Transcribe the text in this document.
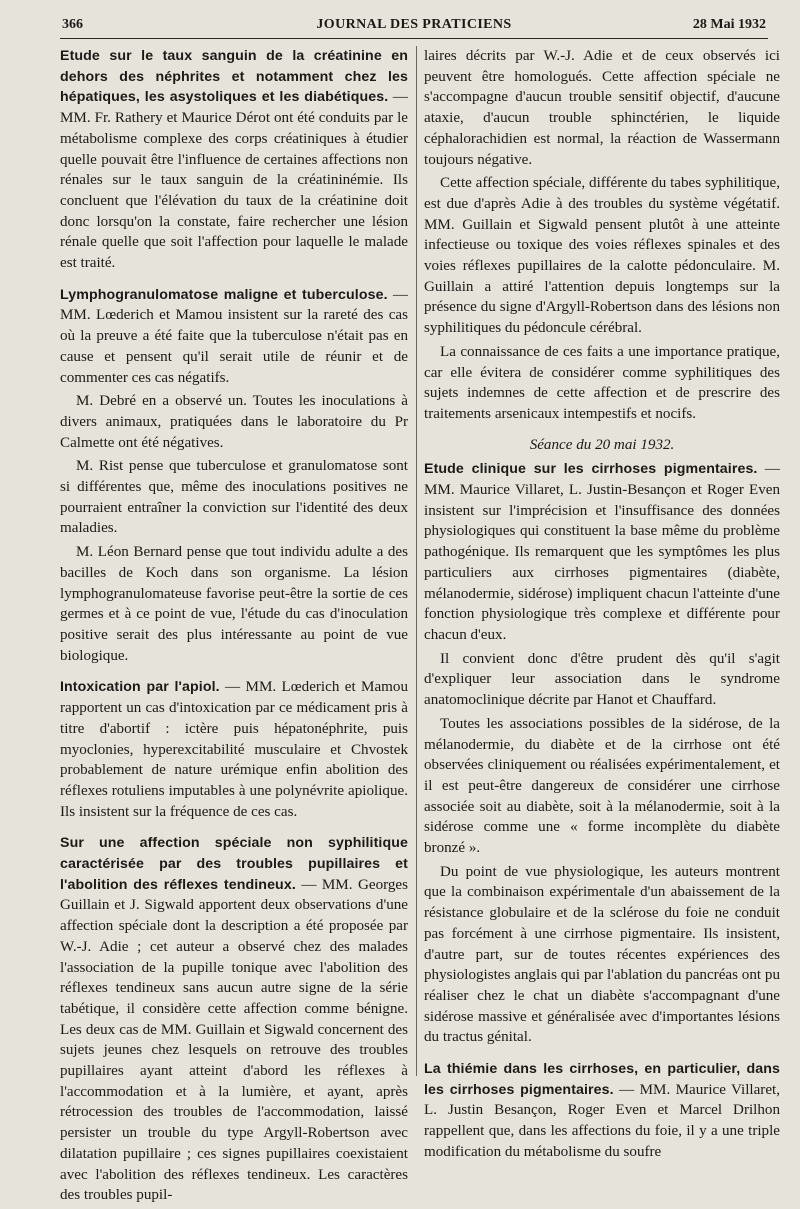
366	JOURNAL DES PRATICIENS	28 Mai 1932

Etude sur le taux sanguin de la créatinine en dehors des néphrites et notamment chez les hépatiques, les asystoliques et les diabétiques. — MM. Fr. Rathery et Maurice Dérot ont été conduits par le métabolisme complexe des corps créatiniques à étudier quelle pouvait être l'influence de certaines affections non rénales sur le taux sanguin de la créatininémie. Ils concluent que l'élévation du taux de la créatinine doit donc lorsqu'on la constate, faire rechercher une lésion rénale quelle que soit l'affection pour laquelle le malade est traité.

Lymphogranulomatose maligne et tuberculose. — MM. Lœderich et Mamou insistent sur la rareté des cas où la preuve a été faite que la tuberculose n'était pas en cause et pensent qu'il serait utile de réunir et de commenter ces cas négatifs.

M. Debré en a observé un. Toutes les inoculations à divers animaux, pratiquées dans le laboratoire du Pr Calmette ont été négatives.

M. Rist pense que tuberculose et granulomatose sont si différentes que, même des inoculations positives ne pourraient entraîner la conviction sur l'identité des deux maladies.

M. Léon Bernard pense que tout individu adulte a des bacilles de Koch dans son organisme. La lésion lymphogranulomateuse favorise peut-être la sortie de ces germes et à ce point de vue, l'étude du cas d'inoculation positive serait des plus intéressante au point de vue biologique.

Intoxication par l'apiol. — MM. Lœderich et Mamou rapportent un cas d'intoxication par ce médicament pris à titre d'abortif : ictère puis hépatonéphrite, puis myoclonies, hyperexcitabilité musculaire et Chvostek probablement de nature urémique enfin abolition des réflexes rotuliens imputables à une polynévrite apiolique. Ils insistent sur la fréquence de ces cas.

Sur une affection spéciale non syphilitique caractérisée par des troubles pupillaires et l'abolition des réflexes tendineux. — MM. Georges Guillain et J. Sigwald apportent deux observations d'une affection spéciale dont la description a été proposée par W.-J. Adie ; cet auteur a observé chez des malades l'association de la pupille tonique avec l'abolition des réflexes tendineux sans aucun autre signe de la série tabétique, il considère cette affection comme bénigne. Les deux cas de MM. Guillain et Sigwald concernent des sujets jeunes chez lesquels on retrouve des troubles pupillaires ayant atteint d'abord les réflexes à l'accommodation et à la lumière, et ayant, après rétrocession des troubles de l'accommodation, laissé persister un trouble du type Argyll-Robertson avec dilatation pupillaire ; ces signes pupillaires coexistaient avec l'abolition des réflexes tendineux. Les caractères des troubles pupil-

laires décrits par W.-J. Adie et de ceux observés ici peuvent être homologués. Cette affection spéciale ne s'accompagne d'aucun trouble sensitif objectif, d'aucune ataxie, d'aucun trouble sphinctérien, le liquide céphalorachidien est normal, la réaction de Wassermann toujours négative.

Cette affection spéciale, différente du tabes syphilitique, est due d'après Adie à des troubles du système végétatif. MM. Guillain et Sigwald pensent plutôt à une atteinte infectieuse ou toxique des voies réflexes spinales et des voies réflexes pupillaires de la calotte pédonculaire. M. Guillain a attiré l'attention depuis longtemps sur la présence du signe d'Argyll-Robertson dans des lésions non syphilitiques du pédoncule cérébral.

La connaissance de ces faits a une importance pratique, car elle évitera de considérer comme syphilitiques des sujets indemnes de cette affection et de prescrire des traitements arsenicaux intempestifs et nocifs.

Séance du 20 mai 1932.

Etude clinique sur les cirrhoses pigmentaires. — MM. Maurice Villaret, L. Justin-Besançon et Roger Even insistent sur l'imprécision et l'insuffisance des données physiologiques qui constituent la base même du problème pathogénique. Ils remarquent que les symptômes les plus particuliers aux cirrhoses pigmentaires (diabète, mélanodermie, sidérose) impliquent chacun l'atteinte d'une fonction physiologique très complexe et différente pour chacun d'eux.

Il convient donc d'être prudent dès qu'il s'agit d'expliquer leur association dans le syndrome anatomoclinique décrite par Hanot et Chauffard.

Toutes les associations possibles de la sidérose, de la mélanodermie, du diabète et de la cirrhose ont été observées cliniquement ou réalisées expérimentalement, et il est peut-être dangereux de considérer une cirrhose associée soit au diabète, soit à la mélanodermie, soit à la sidérose comme une « forme incomplète du diabète bronzé ».

Du point de vue physiologique, les auteurs montrent que la combinaison expérimentale d'un abaissement de la résistance globulaire et de la sclérose du foie ne conduit pas forcément à une cirrhose pigmentaire. Ils insistent, d'autre part, sur de toutes récentes expériences des physiologistes anglais qui par l'ablation du pancréas ont pu réaliser chez le chat un diabète s'accompagnant d'une sidérose massive et généralisée avec d'importantes lésions du tractus génital.

La thiémie dans les cirrhoses, en particulier, dans les cirrhoses pigmentaires. — MM. Maurice Villaret, L. Justin Besançon, Roger Even et Marcel Drilhon rappellent que, dans les affections du foie, il y a une triple modification du métabolisme du soufre
